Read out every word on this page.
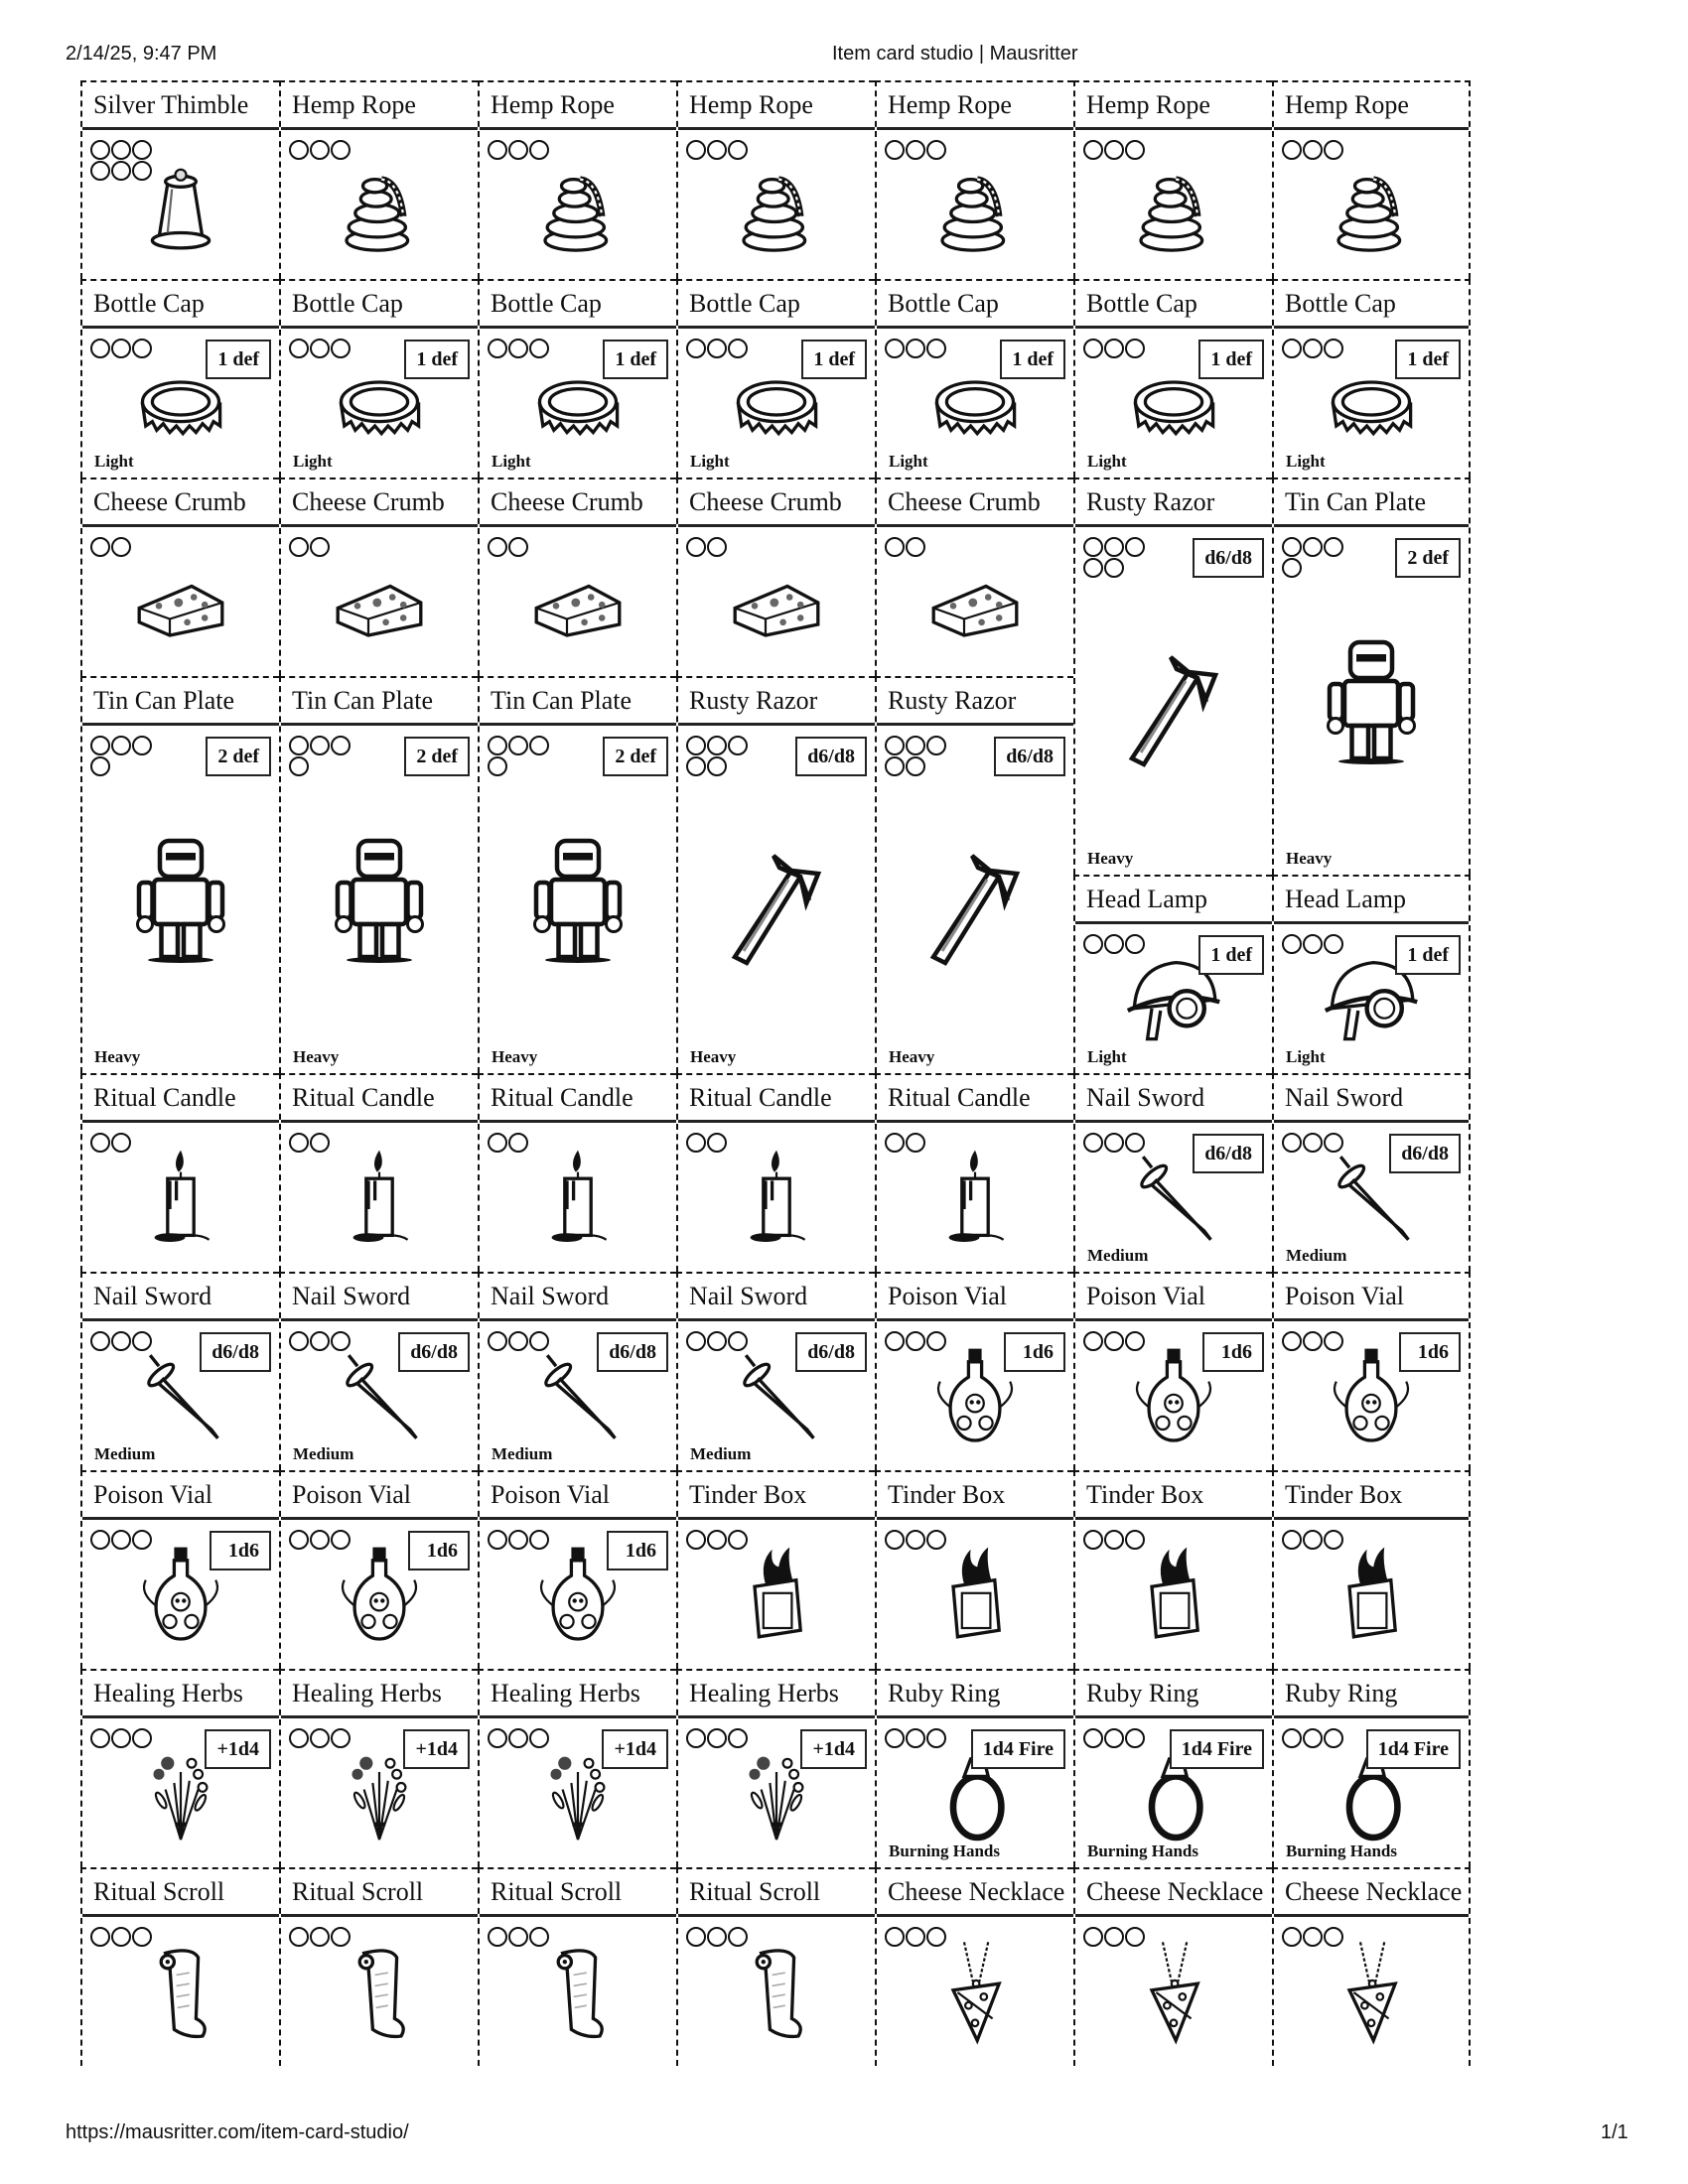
2/14/25, 9:47 PM	Item card studio | Mausritter
Silver Thimble	Hemp Rope	Hemp Rope	Hemp Rope	Hemp Rope	Hemp Rope	Hemp Rope
Bottle Cap
1 def
Light
Bottle Cap
1 def
Light
Bottle Cap
1 def
Light
Bottle Cap
1 def
Light
Bottle Cap
1 def
Light
Bottle Cap
1 def
Light
Bottle Cap
1 def
Light
Cheese Crumb	Cheese Crumb	Cheese Crumb	Cheese Crumb	Cheese Crumb	Rusty Razor
d6/d8
Heavy
Tin Can Plate
2 def
Heavy
Tin Can Plate
2 def
Heavy
Tin Can Plate
2 def
Heavy
Tin Can Plate
2 def
Heavy
Rusty Razor
d6/d8
Heavy
Rusty Razor
d6/d8
Heavy
Head Lamp
1 def
Light
Head Lamp
1 def
Light
Ritual Candle	Ritual Candle	Ritual Candle	Ritual Candle	Ritual Candle	Nail Sword
d6/d8
Medium
Nail Sword
d6/d8
Medium
Nail Sword
d6/d8
Medium
Nail Sword
d6/d8
Medium
Nail Sword
d6/d8
Medium
Nail Sword
d6/d8
Medium
Poison Vial
1d6
Poison Vial
1d6
Poison Vial
1d6
Poison Vial
1d6
Poison Vial
1d6
Poison Vial
1d6
Tinder Box	Tinder Box	Tinder Box	Tinder Box
Healing Herbs
+1d4
Healing Herbs
+1d4
Healing Herbs
+1d4
Healing Herbs
+1d4
Ruby Ring
1d4 Fire
Burning Hands
Ruby Ring
1d4 Fire
Burning Hands
Ruby Ring
1d4 Fire
Burning Hands
Ritual Scroll	Ritual Scroll	Ritual Scroll	Ritual Scroll	Cheese Necklace Cheese Necklace Cheese Necklace
https://mausritter.com/item-card-studio/	1/1
